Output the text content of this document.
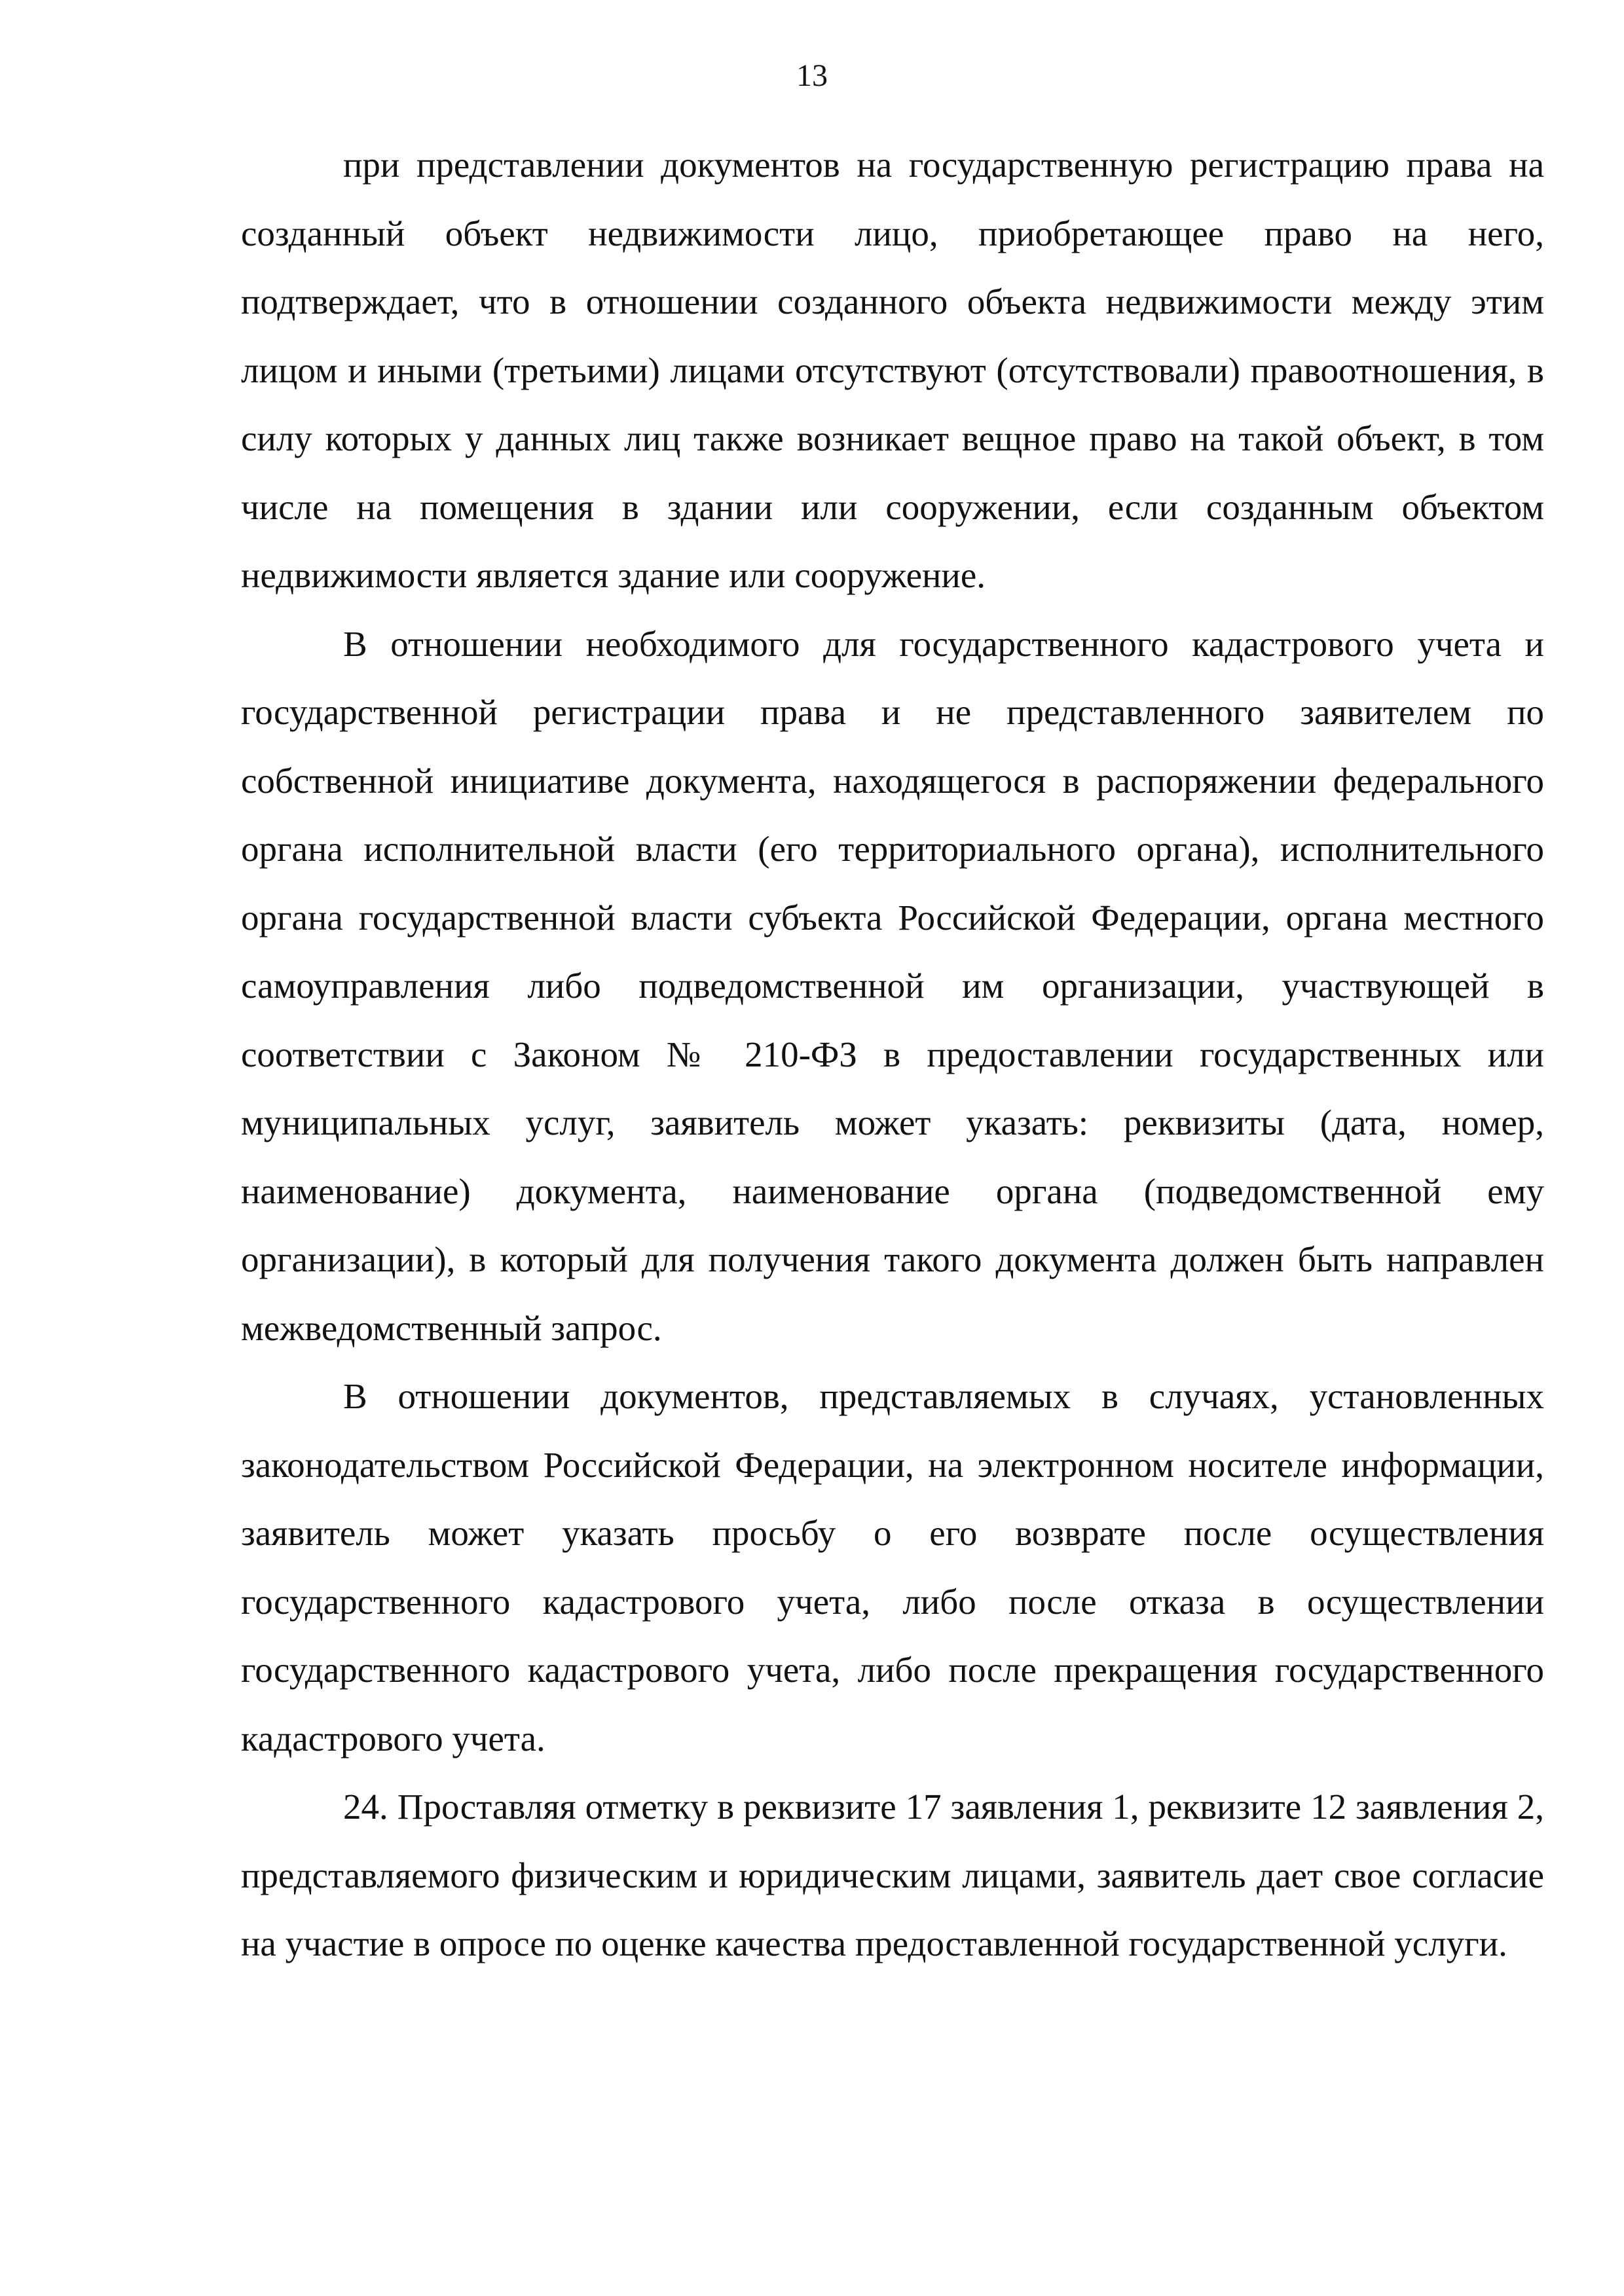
13

при представлении документов на государственную регистрацию права на созданный объект недвижимости лицо, приобретающее право на него, подтверждает, что в отношении созданного объекта недвижимости между этим лицом и иными (третьими) лицами отсутствуют (отсутствовали) правоотношения, в силу которых у данных лиц также возникает вещное право на такой объект, в том числе на помещения в здании или сооружении, если созданным объектом недвижимости является здание или сооружение.

В отношении необходимого для государственного кадастрового учета и государственной регистрации права и не представленного заявителем по собственной инициативе документа, находящегося в распоряжении федерального органа исполнительной власти (его территориального органа), исполнительного органа государственной власти субъекта Российской Федерации, органа местного самоуправления либо подведомственной им организации, участвующей в соответствии с Законом № 210-ФЗ в предоставлении государственных или муниципальных услуг, заявитель может указать: реквизиты (дата, номер, наименование) документа, наименование органа (подведомственной ему организации), в который для получения такого документа должен быть направлен межведомственный запрос.

В отношении документов, представляемых в случаях, установленных законодательством Российской Федерации, на электронном носителе информации, заявитель может указать просьбу о его возврате после осуществления государственного кадастрового учета, либо после отказа в осуществлении государственного кадастрового учета, либо после прекращения государственного кадастрового учета.

24. Проставляя отметку в реквизите 17 заявления 1, реквизите 12 заявления 2, представляемого физическим и юридическим лицами, заявитель дает свое согласие на участие в опросе по оценке качества предоставленной государственной услуги.
